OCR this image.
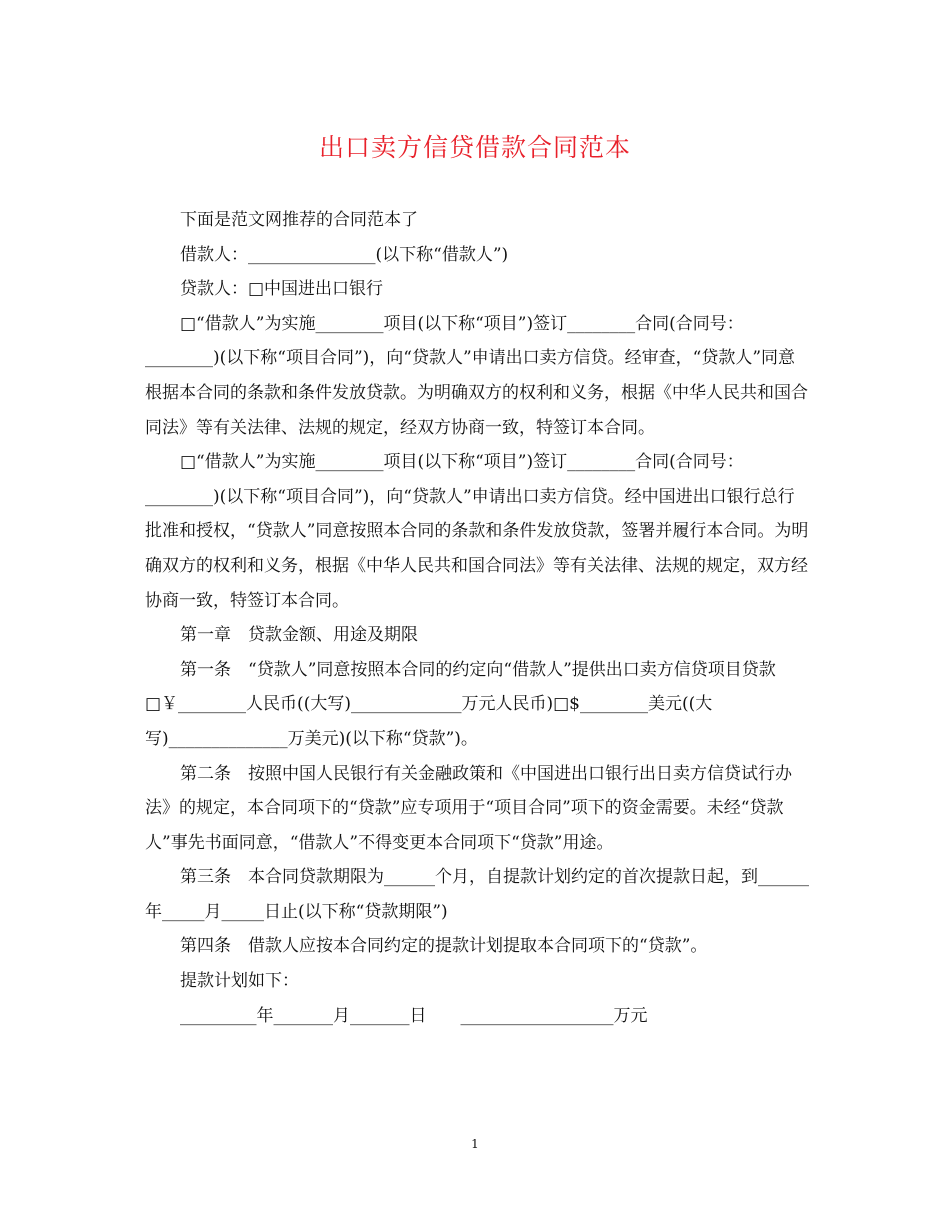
出口卖方信贷借款合同范本

下面是范文网推荐的合同范本了

借款人：_______________(以下称“借款人”)

贷款人：□中国进出口银行

□“借款人”为实施________项目(以下称“项目”)签订________合同(合同号：________)(以下称“项目合同”)，向“贷款人”申请出口卖方信贷。经审查，“贷款人”同意根据本合同的条款和条件发放贷款。为明确双方的权利和义务，根据《中华人民共和国合同法》等有关法律、法规的规定，经双方协商一致，特签订本合同。

□“借款人”为实施________项目(以下称“项目”)签订________合同(合同号：________)(以下称“项目合同”)，向“贷款人”申请出口卖方信贷。经中国进出口银行总行批准和授权，“贷款人”同意按照本合同的条款和条件发放贷款，签署并履行本合同。为明确双方的权利和义务，根据《中华人民共和国合同法》等有关法律、法规的规定，双方经协商一致，特签订本合同。

第一章　贷款金额、用途及期限

第一条　“贷款人”同意按照本合同的约定向“借款人”提供出口卖方信贷项目贷款□￥________人民币((大写)_____________万元人民币)□$________美元((大写)______________万美元)(以下称“贷款”)。

第二条　按照中国人民银行有关金融政策和《中国进出口银行出日卖方信贷试行办法》的规定，本合同项下的“贷款”应专项用于“项目合同”项下的资金需要。未经“贷款人”事先书面同意，“借款人”不得变更本合同项下“贷款”用途。

第三条　本合同贷款期限为______个月，自提款计划约定的首次提款日起，到______年_____月_____日止(以下称“贷款期限”)

第四条　借款人应按本合同约定的提款计划提取本合同项下的“贷款”。

提款计划如下：

_________年_______月_______日　　__________________万元

1
